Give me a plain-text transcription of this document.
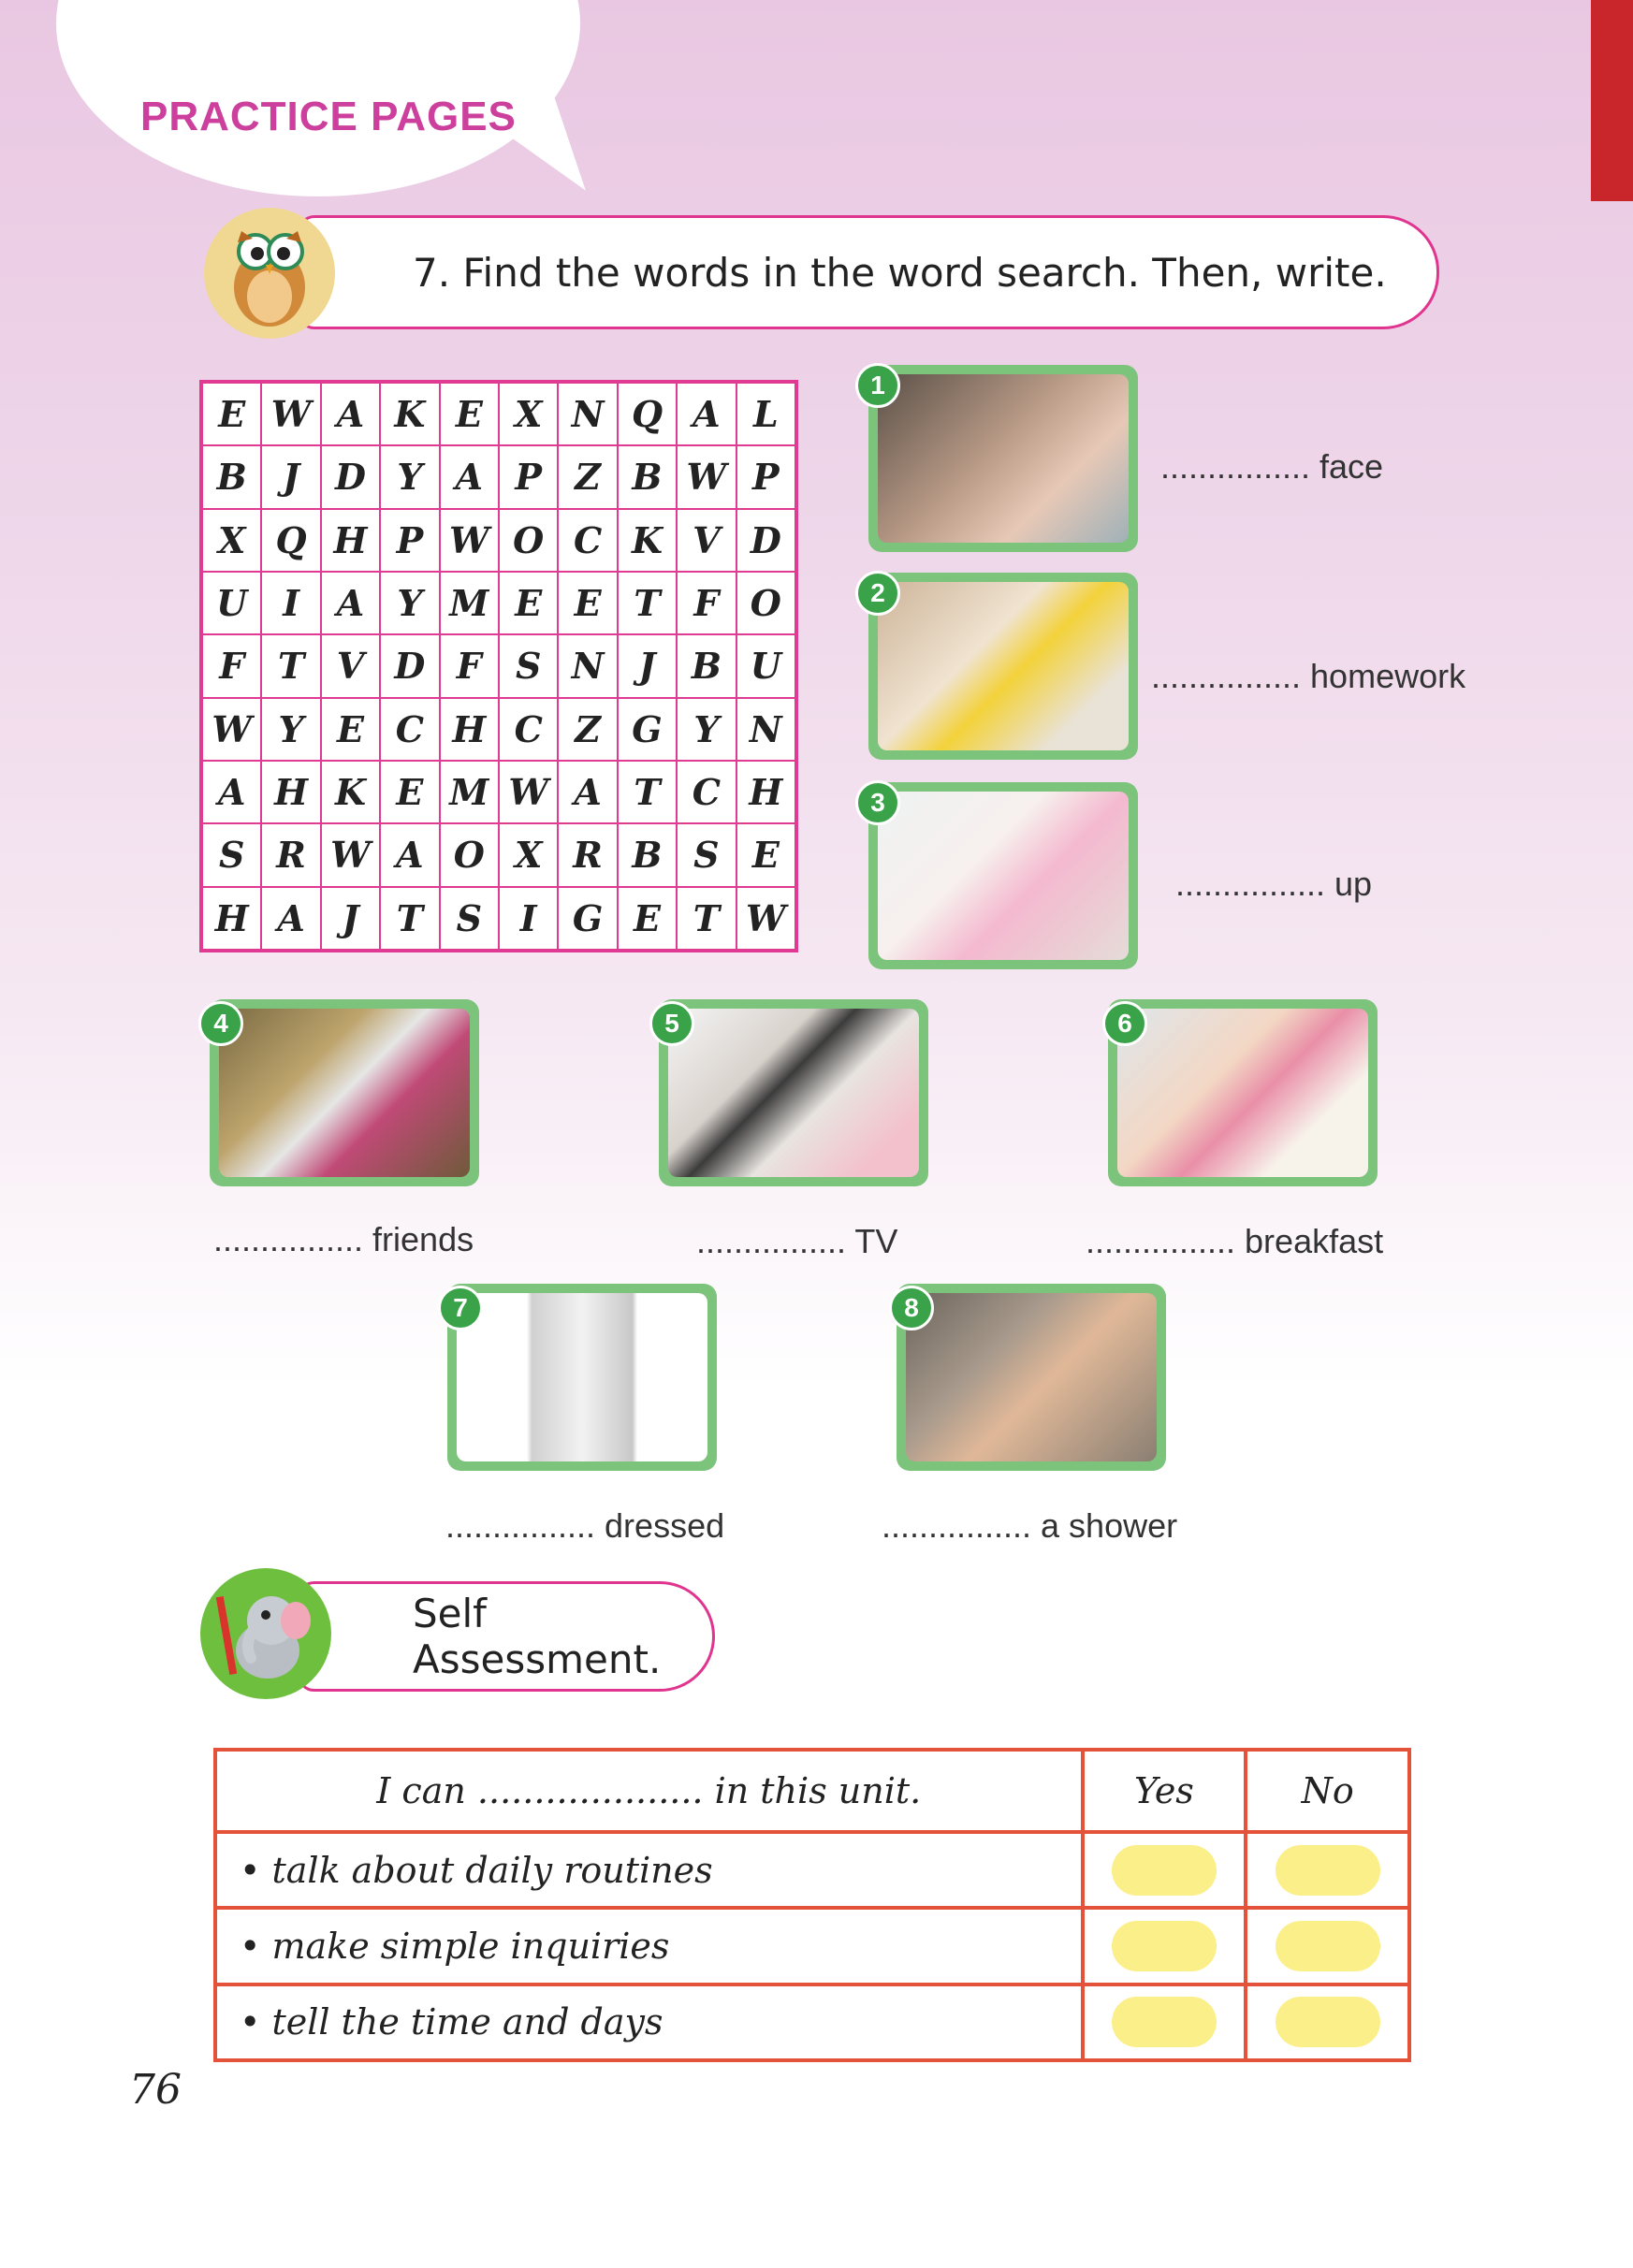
PRACTICE PAGES
7. Find the words in the word search. Then, write.
E W A K E X N Q A L
B	J D Y A P Z B W P
X Q H P W O C K V D
U I	A Y M E E T F O
F T V D F S N J	B U
W Y E C H C Z G Y N
A H K E M W A T C H
S R W A O X R B S E
H A	J	T S	I	G E T W
1
................ face
2
................ homework
3
................ up
4
................ friends
5
................ TV
6
................ breakfast
7
................ dressed
8
................ a shower
Self Assessment.
I can .................... in this unit.	Yes	No
• talk about daily routines	

• make simple inquiries	

• tell the time and days	

76
